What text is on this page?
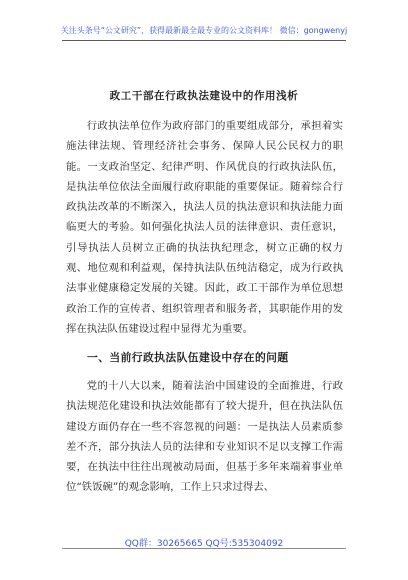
关注头条号“公文研究”，获得最新最全最专业的公文资料库！ 微信：gongwenyj
政工干部在行政执法建设中的作用浅析
行政执法单位作为政府部门的重要组成部分，承担着实施法律法规、管理经济社会事务、保障人民公民权力的职能。一支政治坚定、纪律严明、作风优良的行政执法队伍，是执法单位依法全面履行政府职能的重要保证。随着综合行政执法改革的不断深入，执法人员的执法意识和执法能力面临更大的考验。如何强化执法人员的法律意识、责任意识，引导执法人员树立正确的执法执纪理念，树立正确的权力观、地位观和利益观，保持执法队伍纯洁稳定，成为行政执法事业健康稳定发展的关键。因此，政工干部作为单位思想政治工作的宣传者、组织管理者和服务者，其职能作用的发挥在执法队伍建设过程中显得尤为重要。
一、当前行政执法队伍建设中存在的问题
党的十八大以来，随着法治中国建设的全面推进，行政执法规范化建设和执法效能都有了较大提升，但在执法队伍建设方面仍存在一些不容忽视的问题：一是执法人员素质参差不齐，部分执法人员的法律和专业知识不足以支撑工作需要，在执法中往往出现被动局面，但基于多年来端着事业单位“铁饭碗”的观念影响，工作上只求过得去、
QQ群：30265665 QQ号:535304092
